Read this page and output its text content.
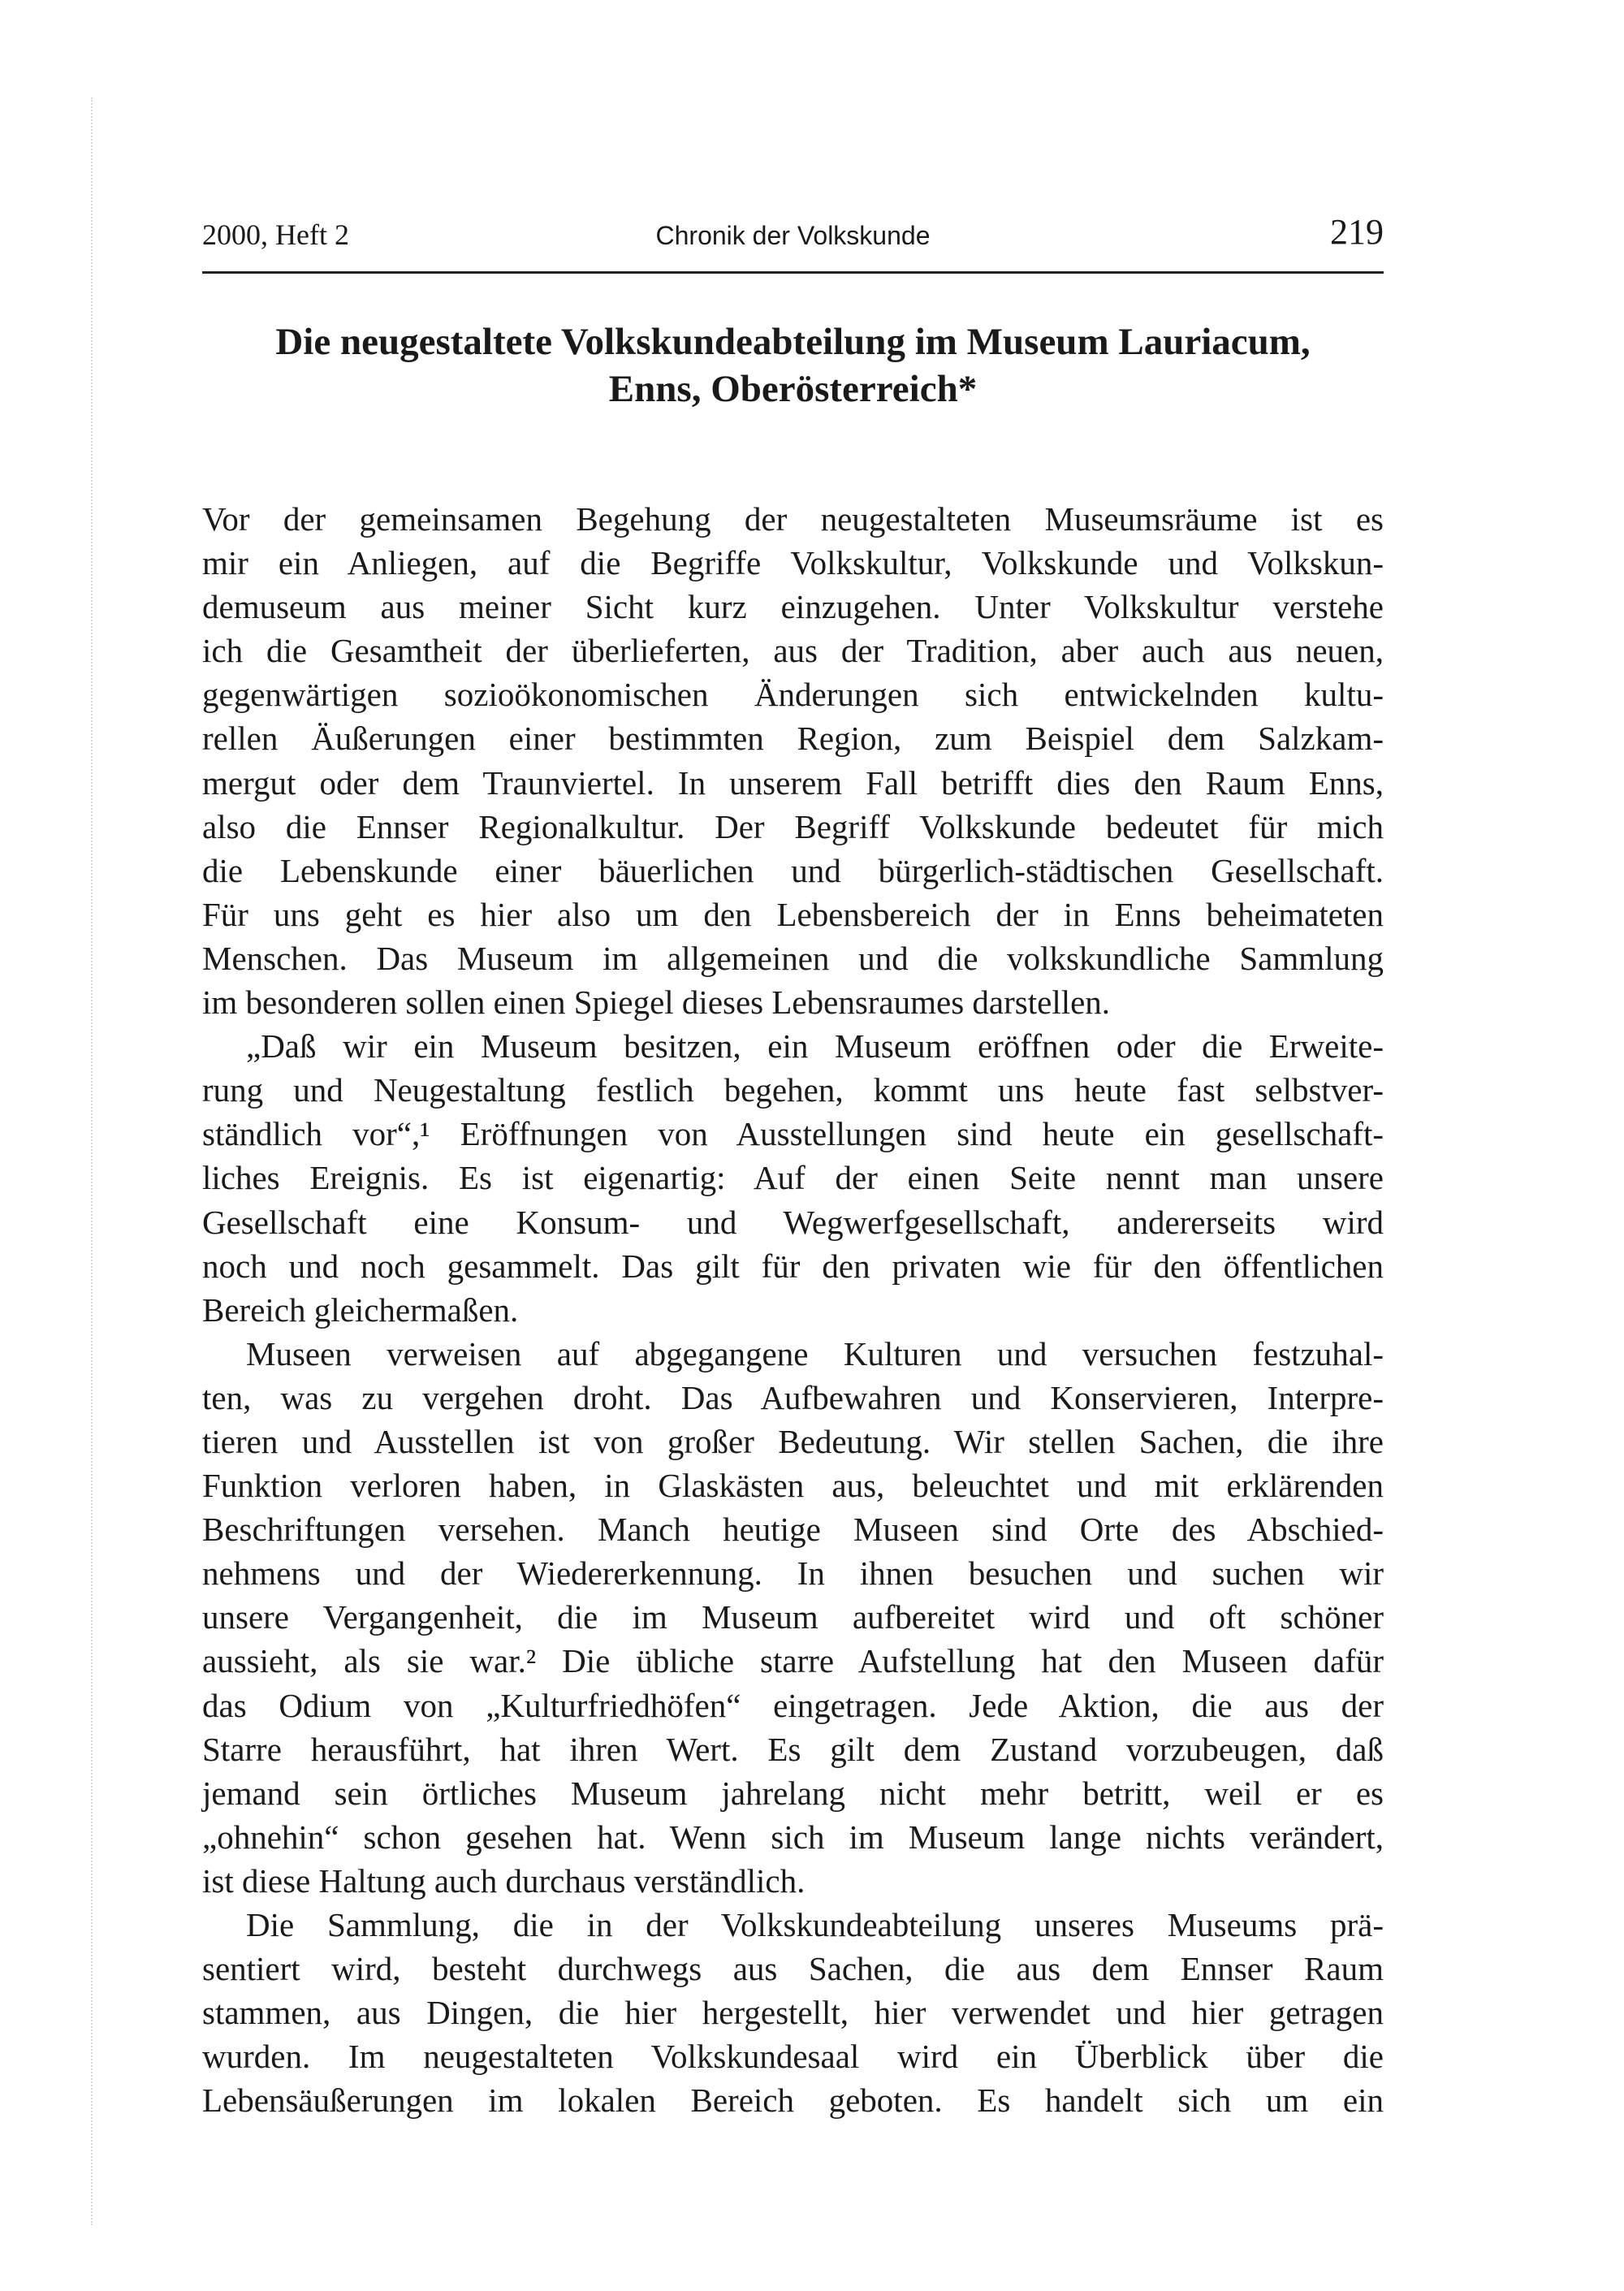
2000, Heft 2	Chronik der Volkskunde	219
Die neugestaltete Volkskundeabteilung im Museum Lauriacum,
Enns, Oberösterreich*
Vor der gemeinsamen Begehung der neugestalteten Museumsräume ist es
mir ein Anliegen, auf die Begriffe Volkskultur, Volkskunde und Volkskun-
demuseum aus meiner Sicht kurz einzugehen. Unter Volkskultur verstehe
ich die Gesamtheit der überlieferten, aus der Tradition, aber auch aus neuen,
gegenwärtigen sozioökonomischen Änderungen sich entwickelnden kultu-
rellen Äußerungen einer bestimmten Region, zum Beispiel dem Salzkam-
mergut oder dem Traunviertel. In unserem Fall betrifft dies den Raum Enns,
also die Ennser Regionalkultur. Der Begriff Volkskunde bedeutet für mich
die Lebenskunde einer bäuerlichen und bürgerlich-städtischen Gesellschaft.
Für uns geht es hier also um den Lebensbereich der in Enns beheimateten
Menschen. Das Museum im allgemeinen und die volkskundliche Sammlung
im besonderen sollen einen Spiegel dieses Lebensraumes darstellen.
„Daß wir ein Museum besitzen, ein Museum eröffnen oder die Erweite-
rung und Neugestaltung festlich begehen, kommt uns heute fast selbstver-
ständlich vor“,¹ Eröffnungen von Ausstellungen sind heute ein gesellschaft-
liches Ereignis. Es ist eigenartig: Auf der einen Seite nennt man unsere
Gesellschaft eine Konsum- und Wegwerfgesellschaft, andererseits wird
noch und noch gesammelt. Das gilt für den privaten wie für den öffentlichen
Bereich gleichermaßen.
Museen verweisen auf abgegangene Kulturen und versuchen festzuhal-
ten, was zu vergehen droht. Das Aufbewahren und Konservieren, Interpre-
tieren und Ausstellen ist von großer Bedeutung. Wir stellen Sachen, die ihre
Funktion verloren haben, in Glaskästen aus, beleuchtet und mit erklärenden
Beschriftungen versehen. Manch heutige Museen sind Orte des Abschied-
nehmens und der Wiedererkennung. In ihnen besuchen und suchen wir
unsere Vergangenheit, die im Museum aufbereitet wird und oft schöner
aussieht, als sie war.² Die übliche starre Aufstellung hat den Museen dafür
das Odium von „Kulturfriedhöfen“ eingetragen. Jede Aktion, die aus der
Starre herausführt, hat ihren Wert. Es gilt dem Zustand vorzubeugen, daß
jemand sein örtliches Museum jahrelang nicht mehr betritt, weil er es
„ohnehin“ schon gesehen hat. Wenn sich im Museum lange nichts verändert,
ist diese Haltung auch durchaus verständlich.
Die Sammlung, die in der Volkskundeabteilung unseres Museums prä-
sentiert wird, besteht durchwegs aus Sachen, die aus dem Ennser Raum
stammen, aus Dingen, die hier hergestellt, hier verwendet und hier getragen
wurden. Im neugestalteten Volkskundesaal wird ein Überblick über die
Lebensäußerungen im lokalen Bereich geboten. Es handelt sich um ein
